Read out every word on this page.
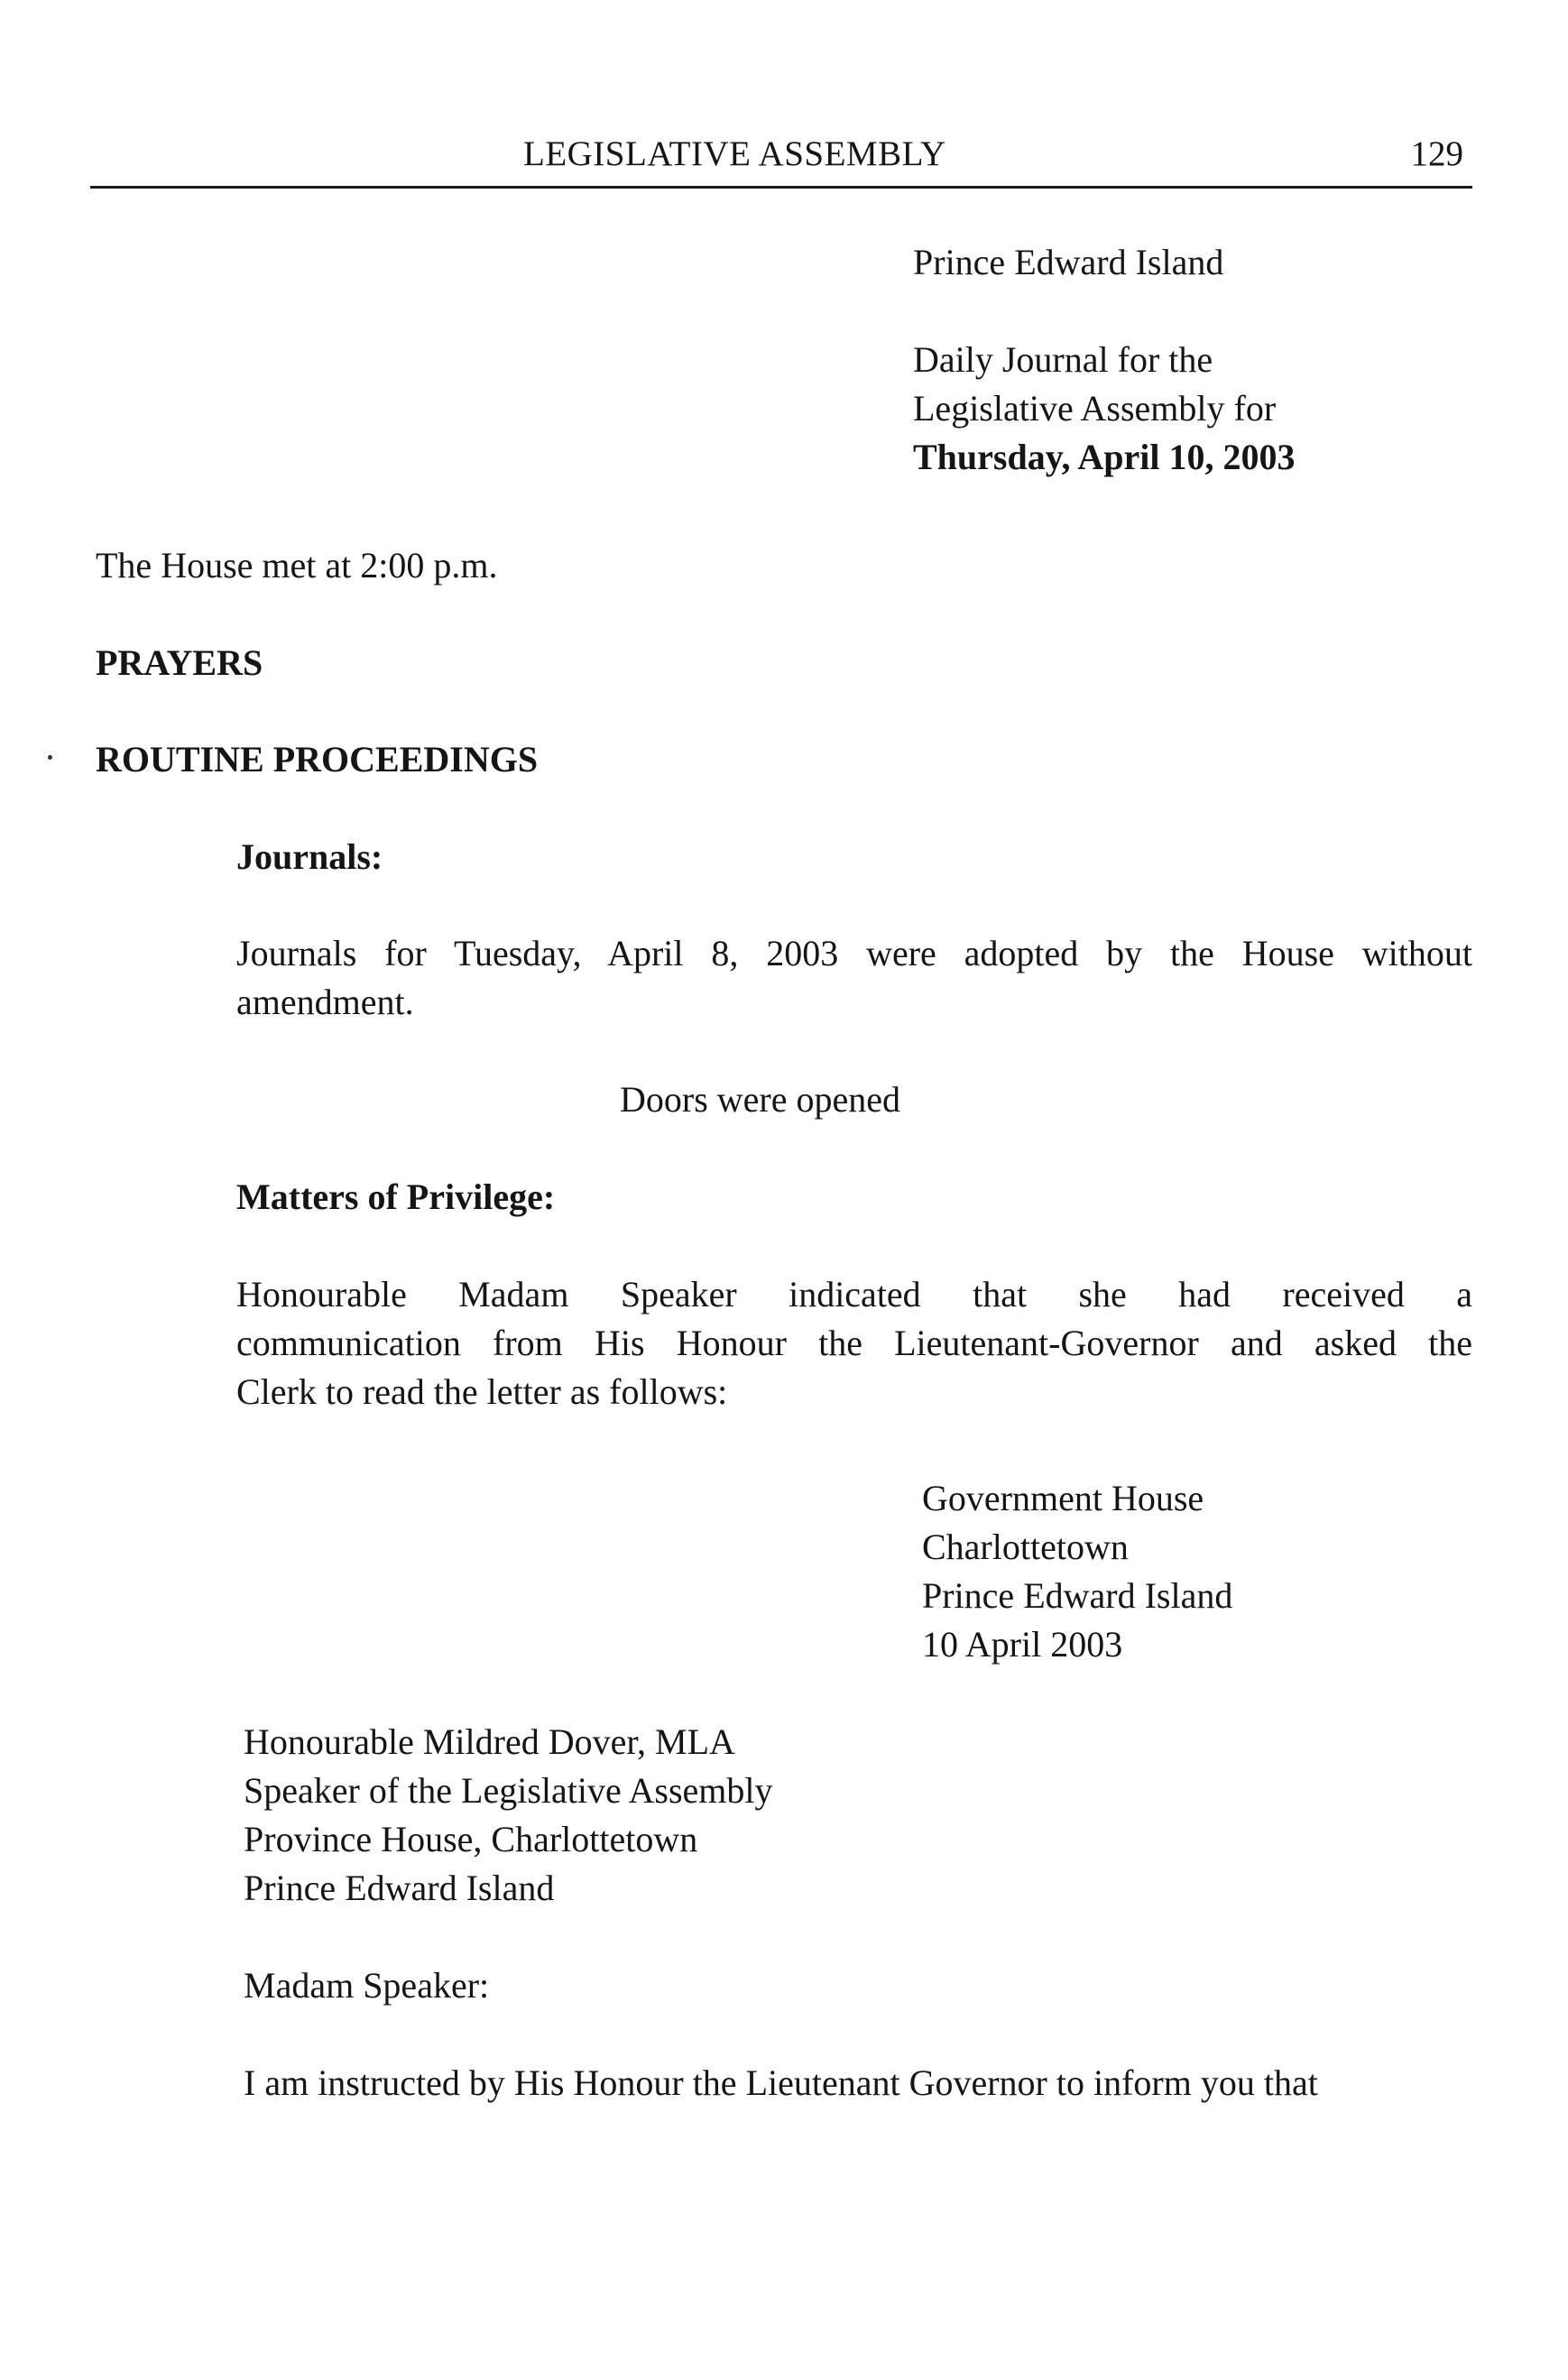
LEGISLATIVE ASSEMBLY	129
Prince Edward Island
Daily Journal for the
Legislative Assembly for
Thursday, April 10, 2003
The House met at 2:00 p.m.
PRAYERS
ROUTINE PROCEEDINGS
Journals:
Journals for Tuesday, April 8, 2003 were adopted by the House without
amendment.
Doors were opened
Matters of Privilege:
Honourable Madam Speaker indicated that she had received a
communication from His Honour the Lieutenant-Governor and asked the
Clerk to read the letter as follows:
Government House
Charlottetown
Prince Edward Island
10 April 2003
Honourable Mildred Dover, MLA
Speaker of the Legislative Assembly
Province House, Charlottetown
Prince Edward Island
Madam Speaker:
I am instructed by His Honour the Lieutenant Governor to inform you that
